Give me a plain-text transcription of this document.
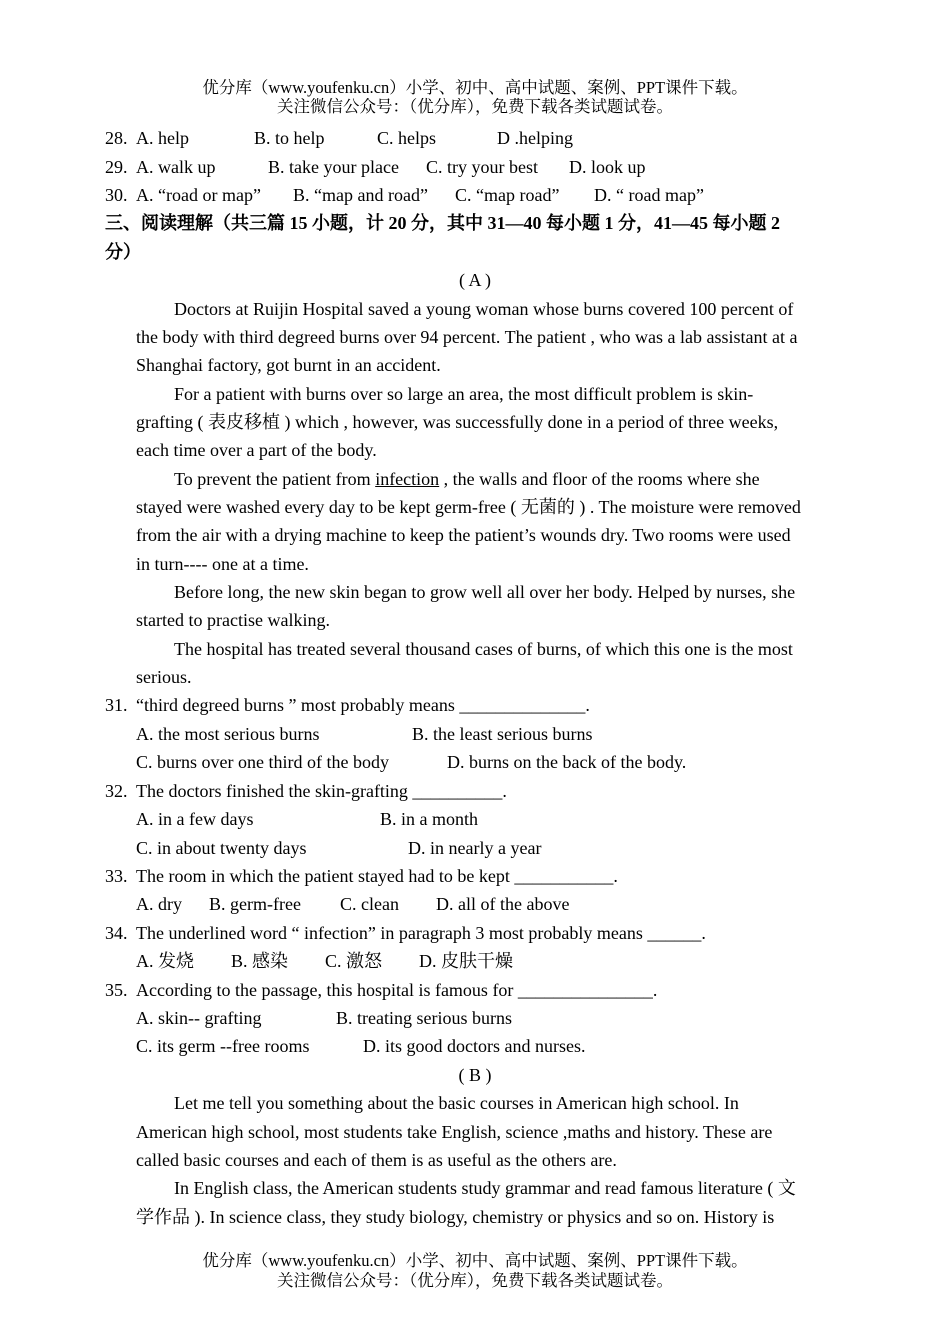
优分库（www.youfenku.cn）小学、初中、高中试题、案例、PPT课件下载。
关注微信公众号：（优分库），免费下载各类试题试卷。
28. A. help	B. to help	C. helps	D .helping
29. A. walk up	B. take your place C. try your best D. look up
30. A. “road or map” B. “map and road” C. “map road” D. “ road map”
三、阅读理解（共三篇 15 小题，计 20 分，其中 31—40 每小题 1 分，41—45 每小题 2
分）
( A )
Doctors at Ruijin Hospital saved a young woman whose burns covered 100 percent of
the body with third degreed burns over 94 percent. The patient , who was a lab assistant at a
Shanghai factory, got burnt in an accident.
For a patient with burns over so large an area, the most difficult problem is skin-
grafting ( 表皮移植 ) which , however, was successfully done in a period of three weeks,
each time over a part of the body.
To prevent the patient from infection , the walls and floor of the rooms where she
stayed were washed every day to be kept germ-free ( 无菌的 ) . The moisture were removed
from the air with a drying machine to keep the patient’s wounds dry. Two rooms were used
in turn---- one at a time.
Before long, the new skin began to grow well all over her body. Helped by nurses, she
started to practise walking.
The hospital has treated several thousand cases of burns, of which this one is the most
serious.
31. “third degreed burns ” most probably means ______________.
A. the most serious burns	B. the least serious burns
C. burns over one third of the body	D. burns on the back of the body.
32. The doctors finished the skin-grafting __________.
A. in a few days	B. in a month
C. in about twenty days	D. in nearly a year
33. The room in which the patient stayed had to be kept ___________.
A. dry B. germ-free C. clean D. all of the above
34. The underlined word “ infection” in paragraph 3 most probably means ______.
A. 发烧 B. 感染 C. 激怒 D. 皮肤干燥
35. According to the passage, this hospital is famous for _______________.
A. skin-- grafting	B. treating serious burns
C. its germ --free rooms	D. its good doctors and nurses.
( B )
Let me tell you something about the basic courses in American high school. In
American high school, most students take English, science ,maths and history. These are
called basic courses and each of them is as useful as the others are.
In English class, the American students study grammar and read famous literature ( 文
学作品 ). In science class, they study biology, chemistry or physics and so on. History is
优分库（www.youfenku.cn）小学、初中、高中试题、案例、PPT课件下载。
关注微信公众号：（优分库），免费下载各类试题试卷。
